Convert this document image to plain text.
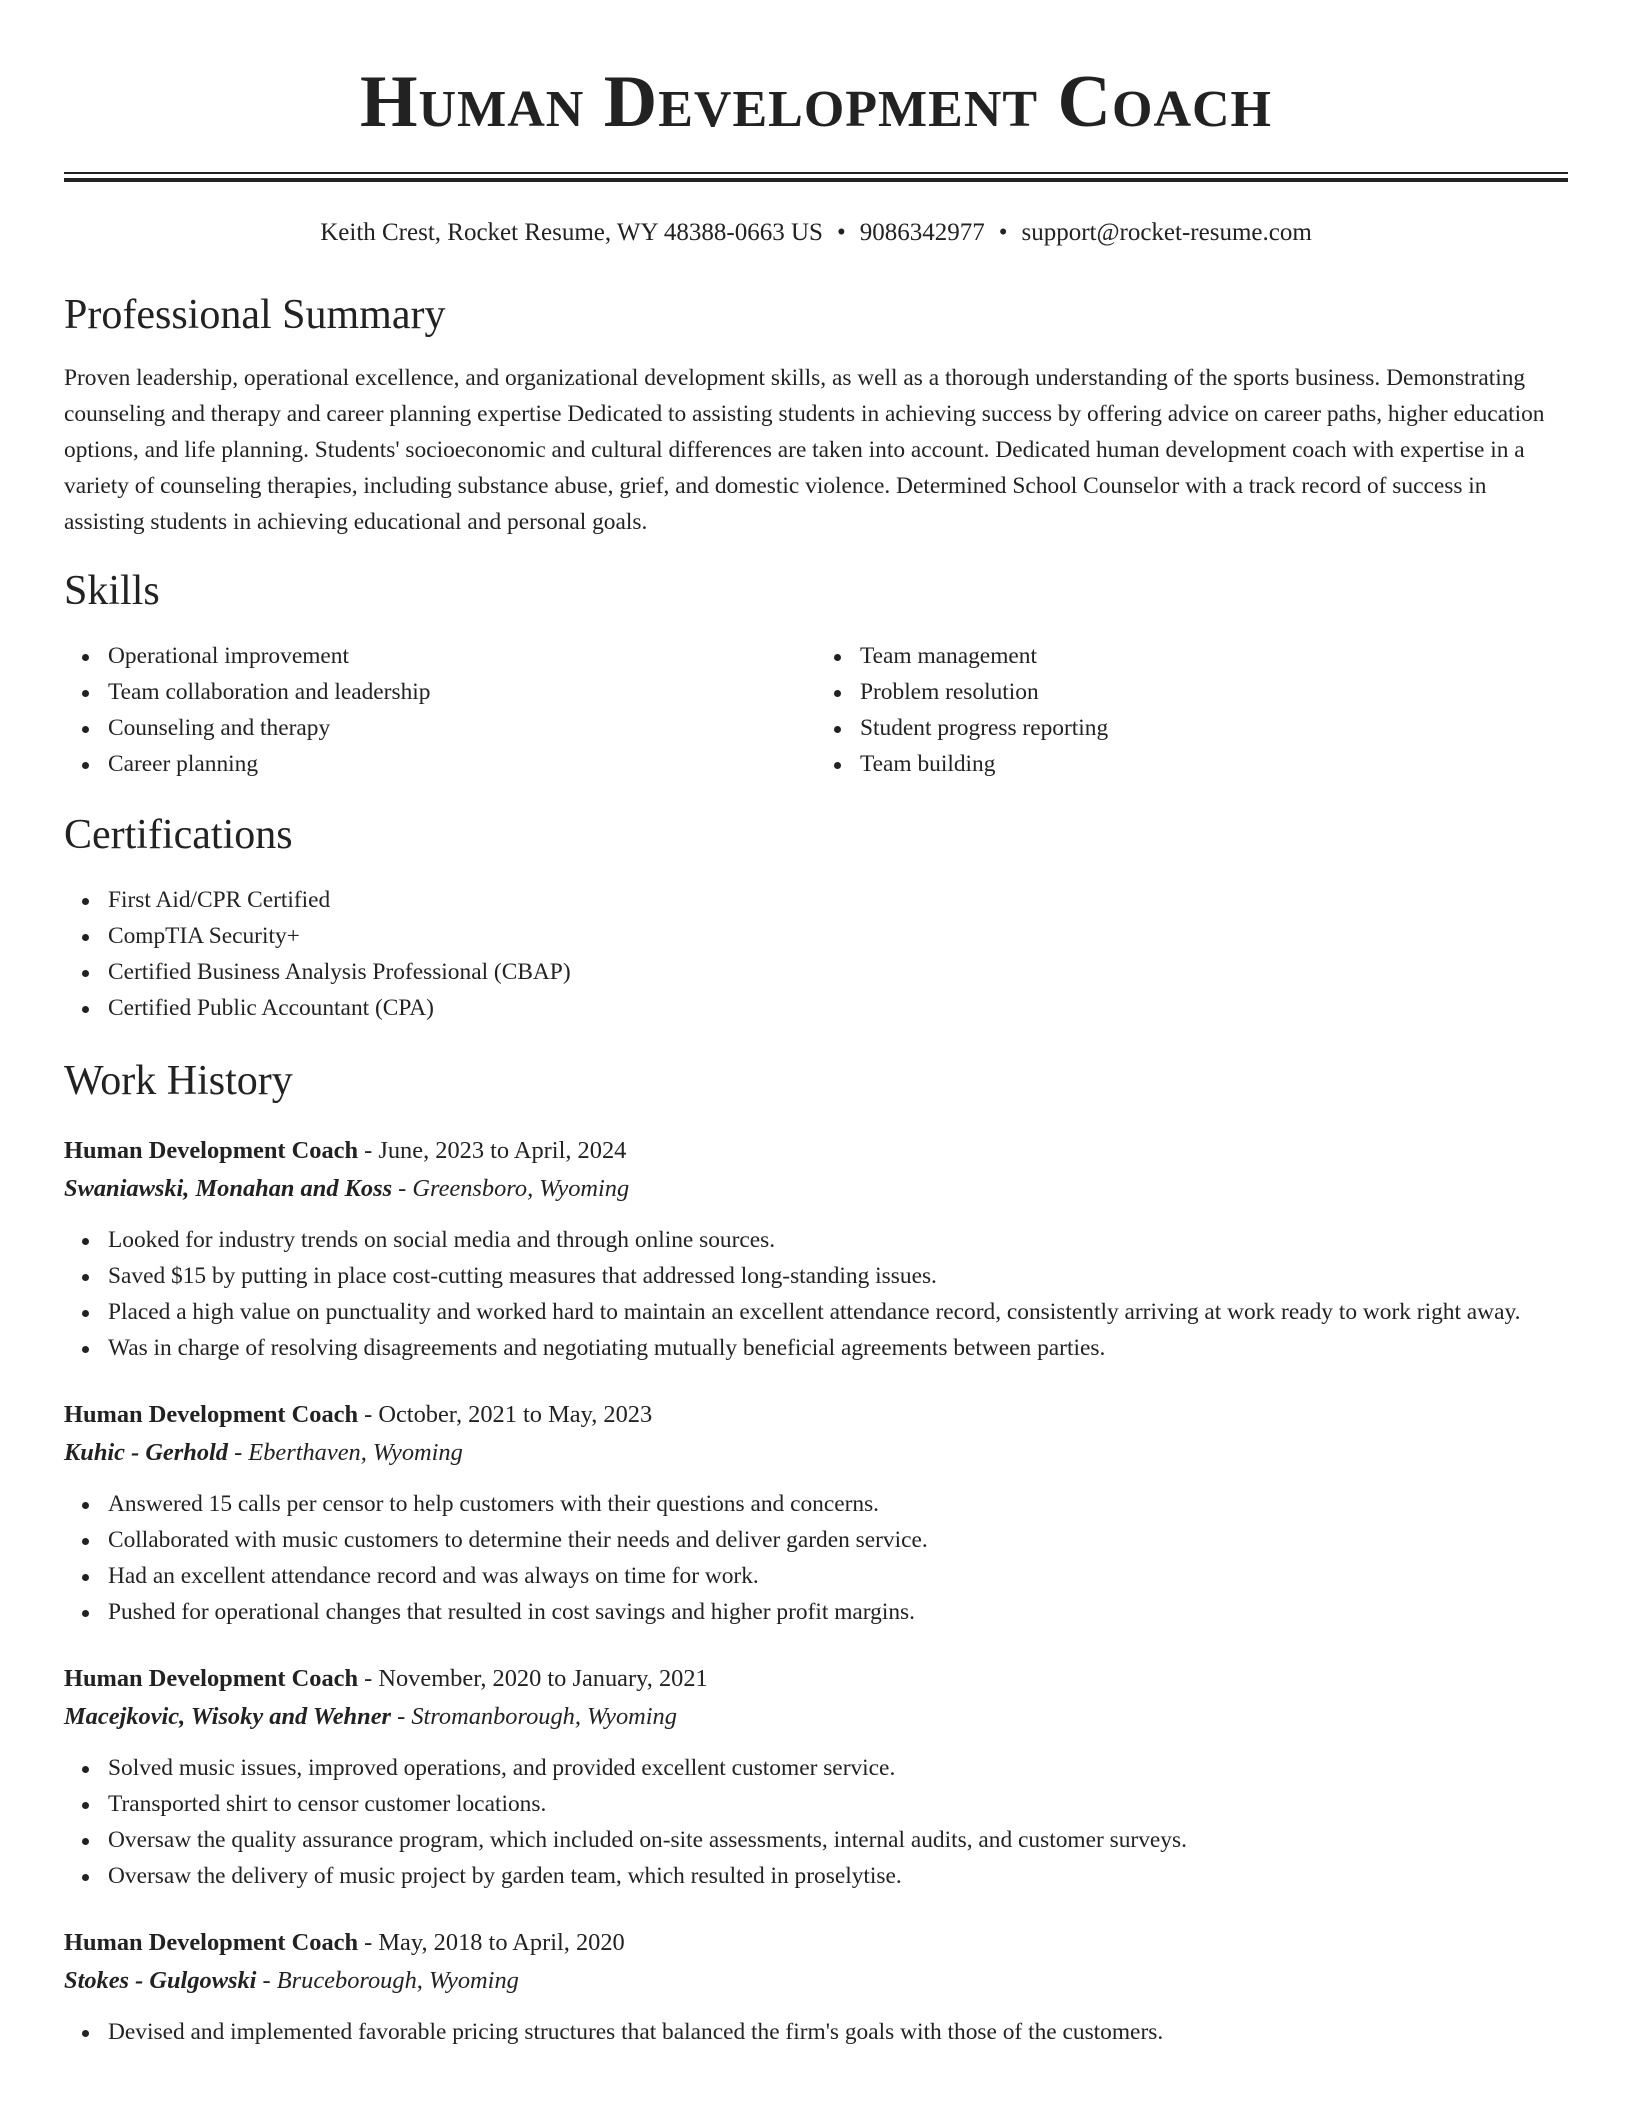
Human Development Coach
Keith Crest, Rocket Resume, WY 48388-0663 US • 9086342977 • support@rocket-resume.com
Professional Summary
Proven leadership, operational excellence, and organizational development skills, as well as a thorough understanding of the sports business. Demonstrating counseling and therapy and career planning expertise Dedicated to assisting students in achieving success by offering advice on career paths, higher education options, and life planning. Students' socioeconomic and cultural differences are taken into account. Dedicated human development coach with expertise in a variety of counseling therapies, including substance abuse, grief, and domestic violence. Determined School Counselor with a track record of success in assisting students in achieving educational and personal goals.
Skills
Operational improvement
Team collaboration and leadership
Counseling and therapy
Career planning
Team management
Problem resolution
Student progress reporting
Team building
Certifications
First Aid/CPR Certified
CompTIA Security+
Certified Business Analysis Professional (CBAP)
Certified Public Accountant (CPA)
Work History
Human Development Coach - June, 2023 to April, 2024
Swaniawski, Monahan and Koss - Greensboro, Wyoming
Looked for industry trends on social media and through online sources.
Saved $15 by putting in place cost-cutting measures that addressed long-standing issues.
Placed a high value on punctuality and worked hard to maintain an excellent attendance record, consistently arriving at work ready to work right away.
Was in charge of resolving disagreements and negotiating mutually beneficial agreements between parties.
Human Development Coach - October, 2021 to May, 2023
Kuhic - Gerhold - Eberthaven, Wyoming
Answered 15 calls per censor to help customers with their questions and concerns.
Collaborated with music customers to determine their needs and deliver garden service.
Had an excellent attendance record and was always on time for work.
Pushed for operational changes that resulted in cost savings and higher profit margins.
Human Development Coach - November, 2020 to January, 2021
Macejkovic, Wisoky and Wehner - Stromanborough, Wyoming
Solved music issues, improved operations, and provided excellent customer service.
Transported shirt to censor customer locations.
Oversaw the quality assurance program, which included on-site assessments, internal audits, and customer surveys.
Oversaw the delivery of music project by garden team, which resulted in proselytise.
Human Development Coach - May, 2018 to April, 2020
Stokes - Gulgowski - Bruceborough, Wyoming
Devised and implemented favorable pricing structures that balanced the firm's goals with those of the customers.
